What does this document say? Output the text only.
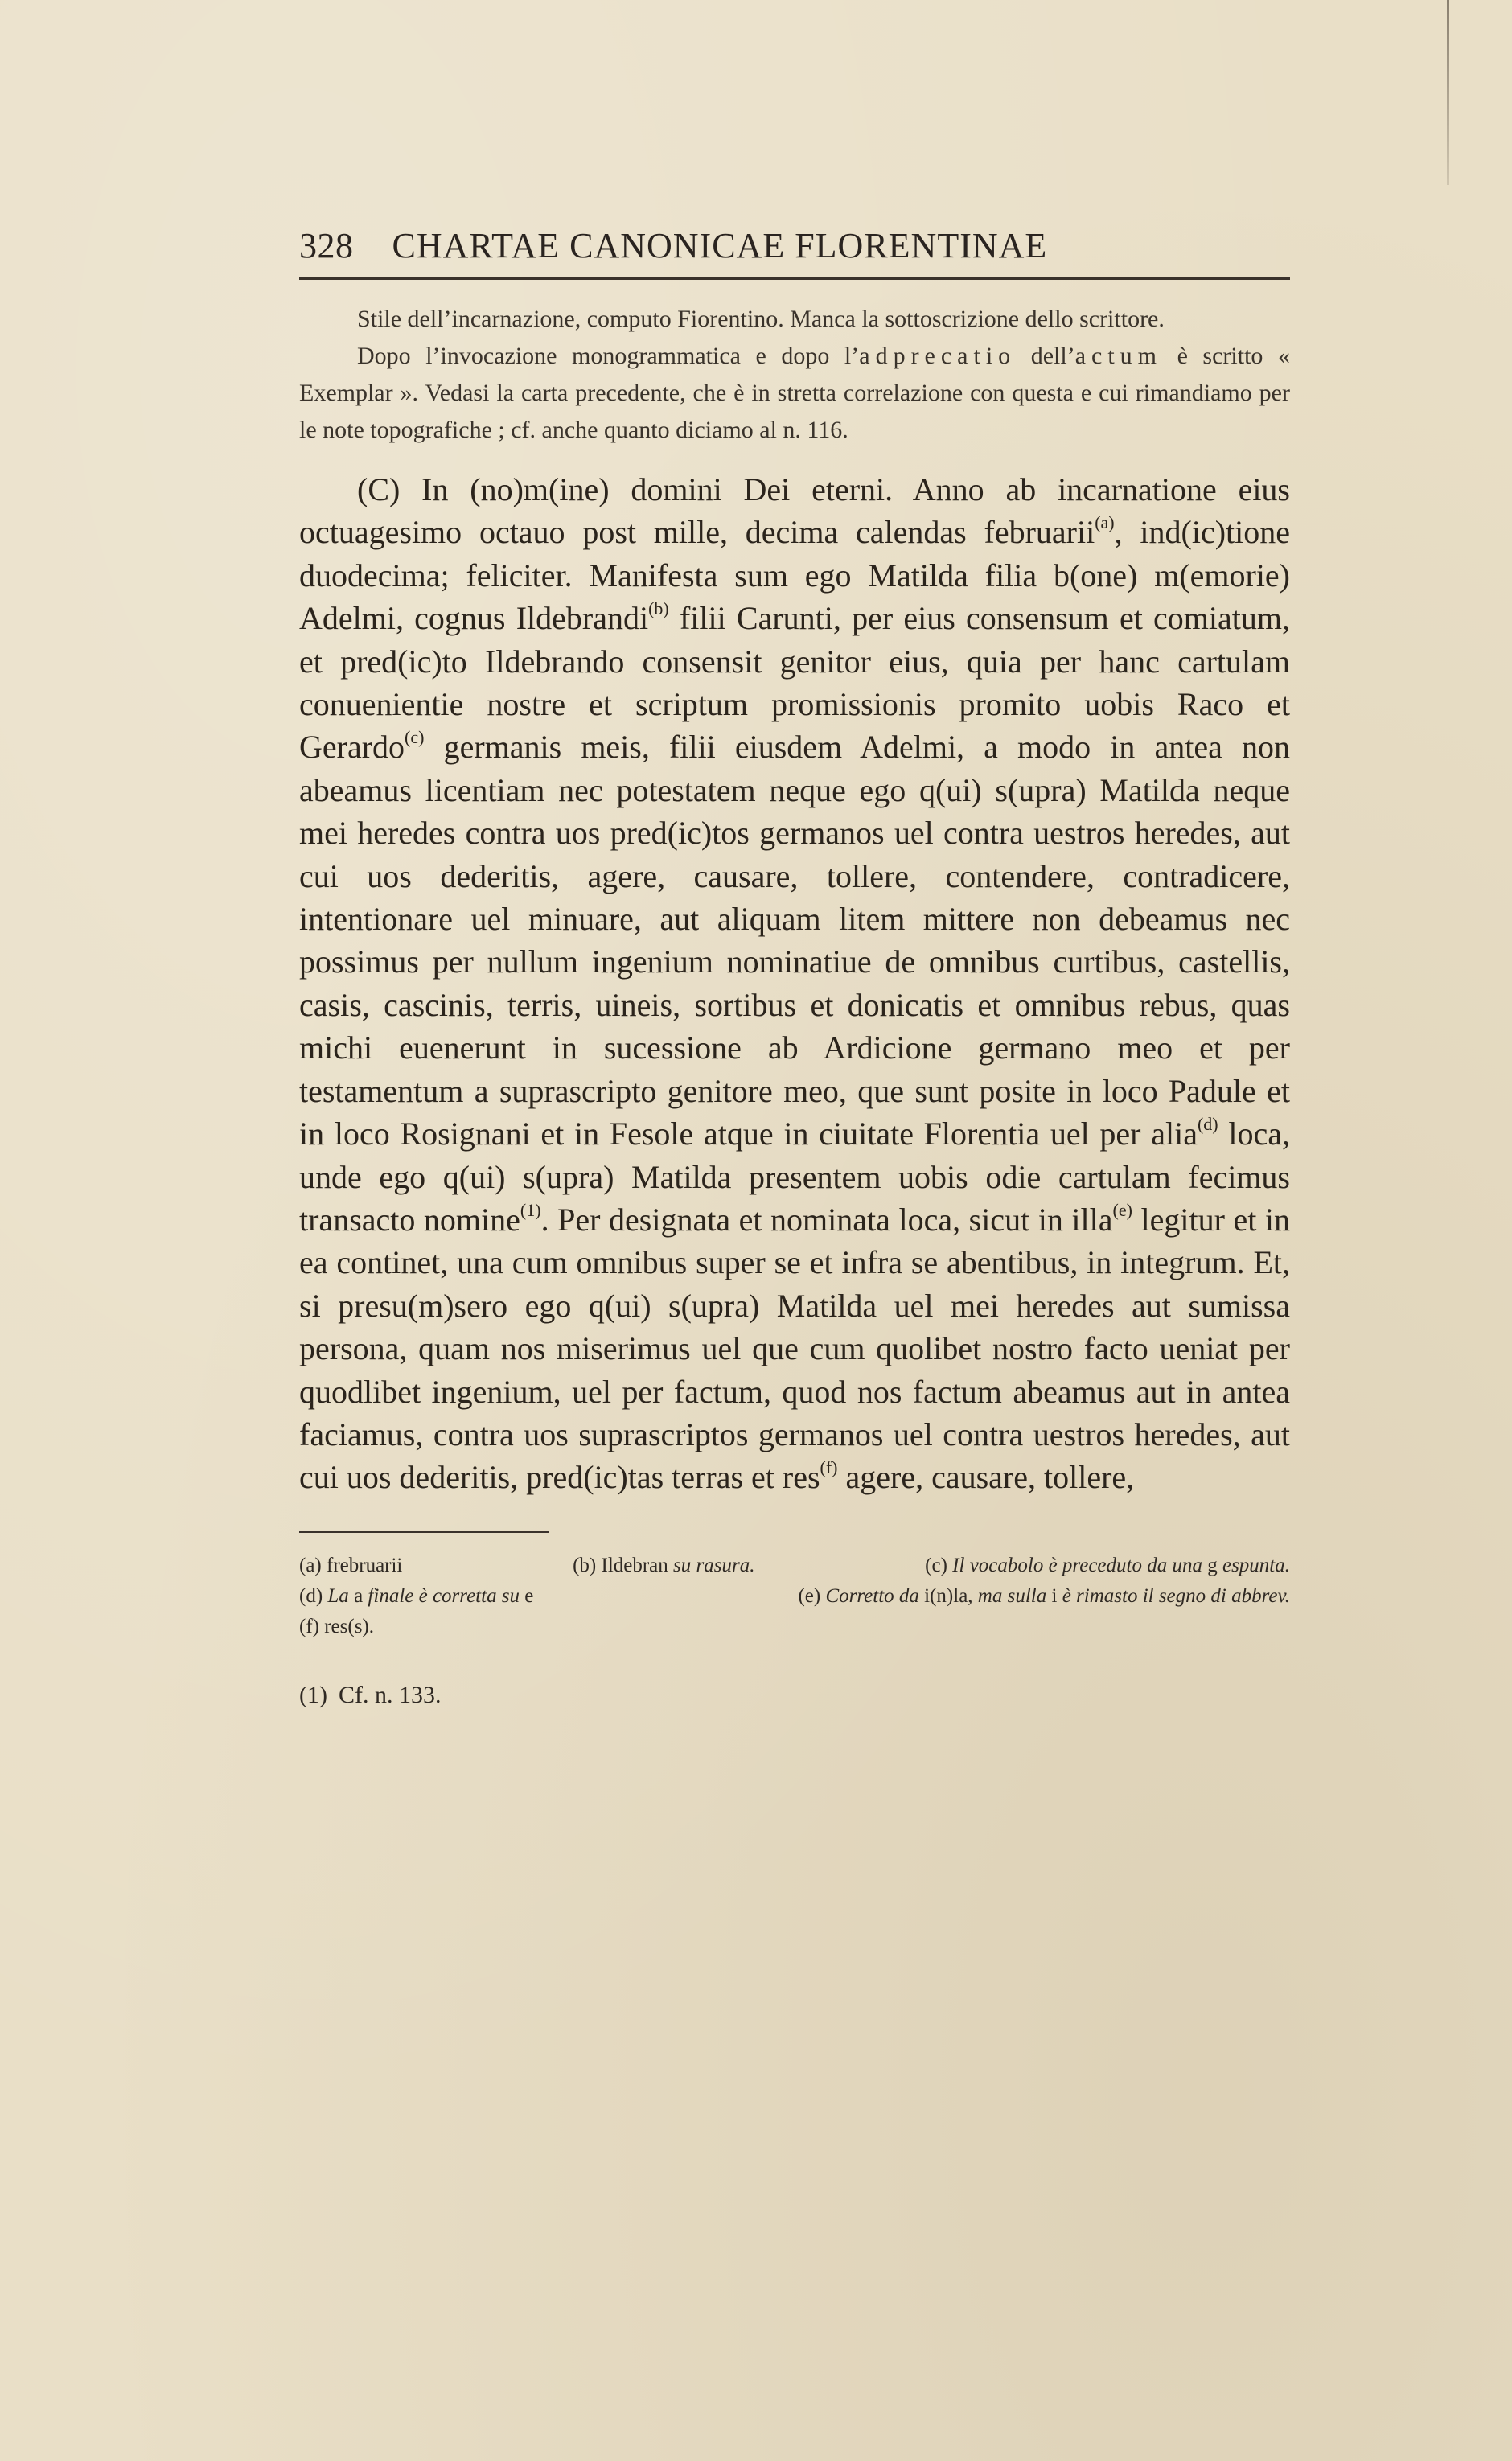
328 CHARTAE CANONICAE FLORENTINAE

Stile dell’incarnazione, computo Fiorentino. Manca la sottoscrizione dello scrittore.

Dopo l’invocazione monogrammatica e dopo l’adprecatio dell’actum è scritto « Exemplar ». Vedasi la carta precedente, che è in stretta correlazione con questa e cui rimandiamo per le note topografiche ; cf. anche quanto diciamo al n. 116.

(C) In (no)m(ine) domini Dei eterni. Anno ab incarnatione eius octuagesimo octauo post mille, decima calendas februarii$^{(a)}$, ind(ic)tione duodecima; feliciter. Manifesta sum ego Matilda filia b(one) m(emorie) Adelmi, cognus Ildebrandi$^{(b)}$ filii Carunti, per eius consensum et comiatum, et pred(ic)to Ildebrando consensit genitor eius, quia per hanc cartulam conuenientie nostre et scriptum promissionis promito uobis Raco et Gerardo$^{(c)}$ germanis meis, filii eiusdem Adelmi, a modo in antea non abeamus licentiam nec potestatem neque ego q(ui) s(upra) Matilda neque mei heredes contra uos pred(ic)tos germanos uel contra uestros heredes, aut cui uos dederitis, agere, causare, tollere, contendere, contradicere, intentionare uel minuare, aut aliquam litem mittere non debeamus nec possimus per nullum ingenium nominatiue de omnibus curtibus, castellis, casis, cascinis, terris, uineis, sortibus et donicatis et omnibus rebus, quas michi euenerunt in sucessione ab Ardicione germano meo et per testamentum a suprascripto genitore meo, que sunt posite in loco Padule et in loco Rosignani et in Fesole atque in ciuitate Florentia uel per alia$^{(d)}$ loca, unde ego q(ui) s(upra) Matilda presentem uobis odie cartulam fecimus transacto nomine$^{(1)}$. Per designata et nominata loca, sicut in illa$^{(e)}$ legitur et in ea continet, una cum omnibus super se et infra se abentibus, in integrum. Et, si presu(m)sero ego q(ui) s(upra) Matilda uel mei heredes aut sumissa persona, quam nos miserimus uel que cum quolibet nostro facto ueniat per quodlibet ingenium, uel per factum, quod nos factum abeamus aut in antea faciamus, contra uos suprascriptos germanos uel contra uestros heredes, aut cui uos dederitis, pred(ic)tas terras et res$^{(f)}$ agere, causare, tollere,

(a) frebruarii	(b) Ildebran su rasura.	(c) Il vocabolo è preceduto da una g espunta.
(d) La a finale è corretta su e	(e) Corretto da i(n)la, ma sulla i è rimasto il segno di abbrev.
(f) res(s).
(1) Cf. n. 133.
